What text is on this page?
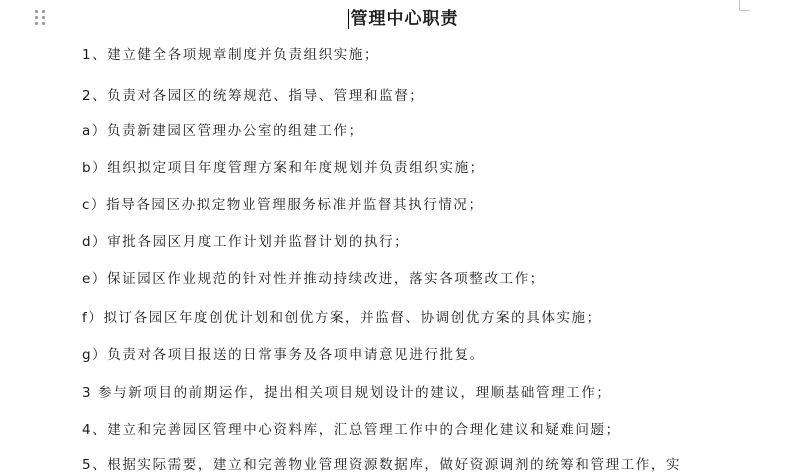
管理中心职责

1、建立健全各项规章制度并负责组织实施；

2、负责对各园区的统筹规范、指导、管理和监督；

a）负责新建园区管理办公室的组建工作；

b）组织拟定项目年度管理方案和年度规划并负责组织实施；

c）指导各园区办拟定物业管理服务标准并监督其执行情况；

d）审批各园区月度工作计划并监督计划的执行；

e）保证园区作业规范的针对性并推动持续改进，落实各项整改工作；

f）拟订各园区年度创优计划和创优方案，并监督、协调创优方案的具体实施；

g）负责对各项目报送的日常事务及各项申请意见进行批复。

3 参与新项目的前期运作，提出相关项目规划设计的建议，理顺基础管理工作；

4、建立和完善园区管理中心资料库，汇总管理工作中的合理化建议和疑难问题；

5、根据实际需要，建立和完善物业管理资源数据库，做好资源调剂的统筹和管理工作，实
